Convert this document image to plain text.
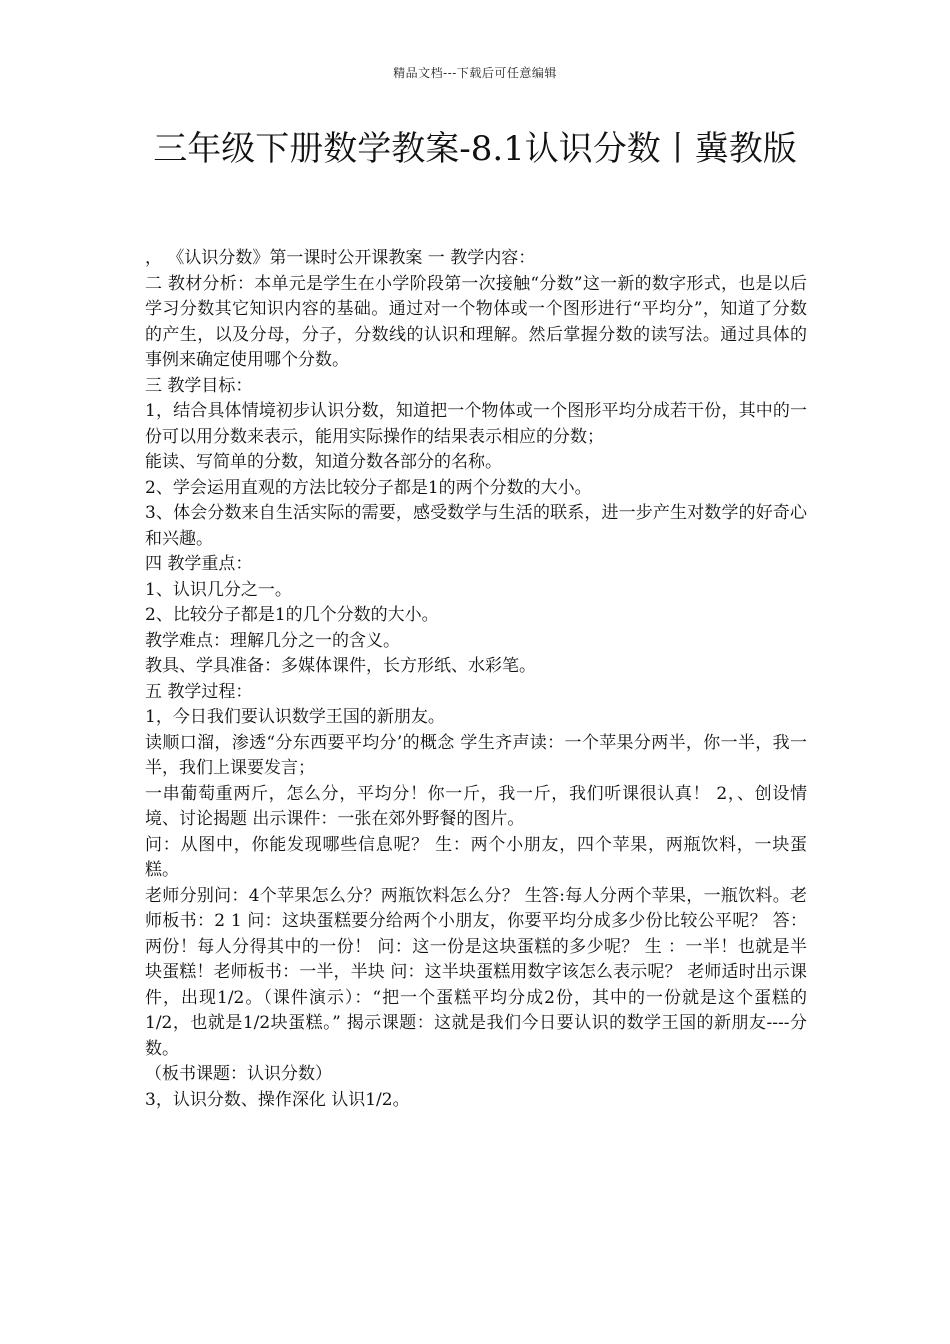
精品文档---下载后可任意编辑
三年级下册数学教案-8.1认识分数丨冀教版

， 《认识分数》第一课时公开课教案 一 教学内容：

二 教材分析：本单元是学生在小学阶段第一次接触“分数”这一新的数字形式，也是以后学习分数其它知识内容的基础。通过对一个物体或一个图形进行“平均分”，知道了分数的产生，以及分母，分子，分数线的认识和理解。然后掌握分数的读写法。通过具体的事例来确定使用哪个分数。

三 教学目标：

1，结合具体情境初步认识分数，知道把一个物体或一个图形平均分成若干份，其中的一份可以用分数来表示，能用实际操作的结果表示相应的分数；

能读、写简单的分数，知道分数各部分的名称。

2、学会运用直观的方法比较分子都是1的两个分数的大小。

3、体会分数来自生活实际的需要，感受数学与生活的联系，进一步产生对数学的好奇心和兴趣。

四 教学重点：

1、认识几分之一。

2、比较分子都是1的几个分数的大小。

教学难点：理解几分之一的含义。

教具、学具准备：多媒体课件，长方形纸、水彩笔。

五 教学过程：

1，今日我们要认识数学王国的新朋友。

读顺口溜，渗透“分东西要平均分’的概念 学生齐声读：一个苹果分两半，你一半，我一半，我们上课要发言；

一串葡萄重两斤，怎么分，平均分！你一斤，我一斤，我们听课很认真！ 2，、创设情境、讨论揭题 出示课件：一张在郊外野餐的图片。

问：从图中，你能发现哪些信息呢？ 生：两个小朋友，四个苹果，两瓶饮料，一块蛋糕。

老师分别问：4个苹果怎么分？两瓶饮料怎么分？ 生答:每人分两个苹果，一瓶饮料。老师板书：2 1 问：这块蛋糕要分给两个小朋友，你要平均分成多少份比较公平呢？ 答：两份！每人分得其中的一份！ 问：这一份是这块蛋糕的多少呢？ 生 ：一半！也就是半块蛋糕！老师板书：一半，半块 问：这半块蛋糕用数字该怎么表示呢？ 老师适时出示课件，出现1/2。（课件演示）：“把一个蛋糕平均分成2份，其中的一份就是这个蛋糕的1/2，也就是1/2块蛋糕。” 揭示课题：这就是我们今日要认识的数学王国的新朋友----分数。

（板书课题：认识分数）

3，认识分数、操作深化 认识1/2。
